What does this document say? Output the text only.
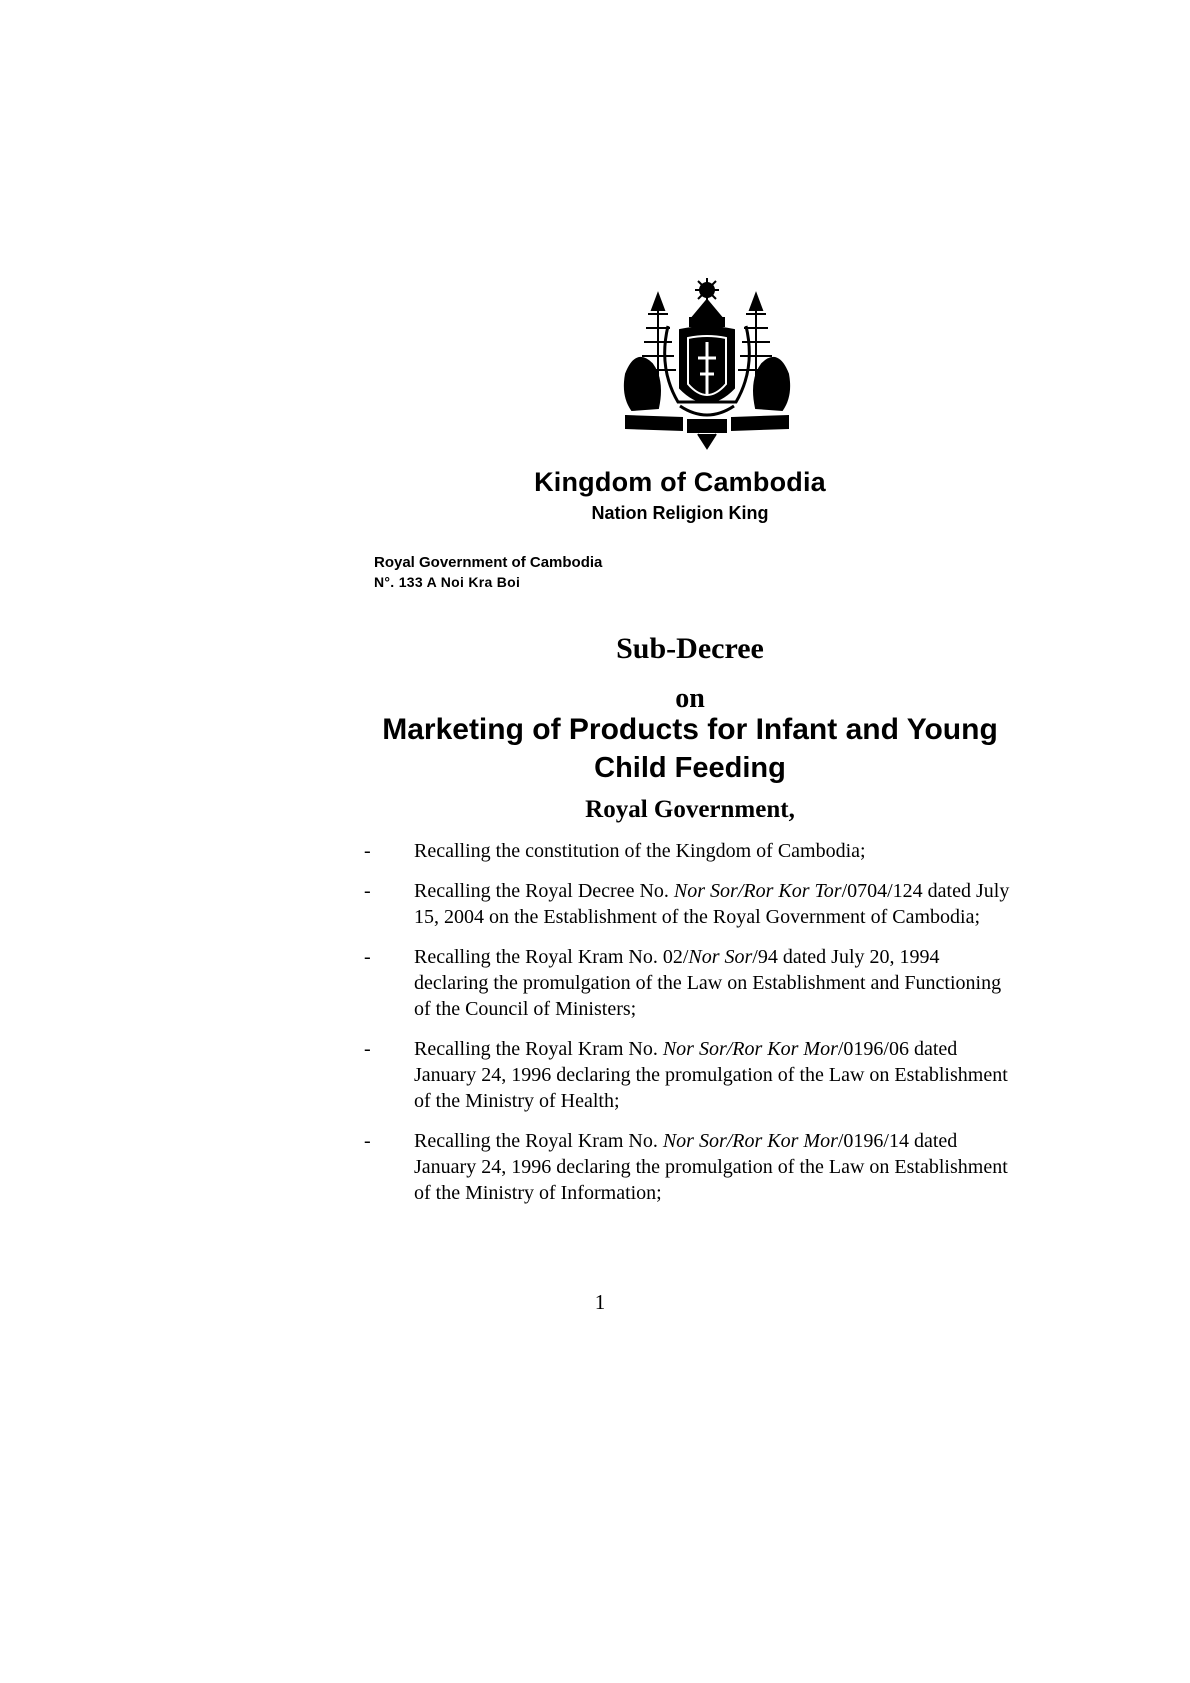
Kingdom of Cambodia
Nation Religion King
Royal Government of Cambodia
N°. 133 A Noi Kra Boi
Sub-Decree
on
Marketing of Products for Infant and Young
Child Feeding
Royal Government,
- Recalling the constitution of the Kingdom of Cambodia;
- Recalling the Royal Decree No. Nor Sor/Ror Kor Tor/0704/124 dated July 15, 2004 on the Establishment of the Royal Government of Cambodia;
- Recalling the Royal Kram No. 02/Nor Sor/94 dated July 20, 1994 declaring the promulgation of the Law on Establishment and Functioning of the Council of Ministers;
- Recalling the Royal Kram No. Nor Sor/Ror Kor Mor/0196/06 dated January 24, 1996 declaring the promulgation of the Law on Establishment of the Ministry of Health;
- Recalling the Royal Kram No. Nor Sor/Ror Kor Mor/0196/14 dated January 24, 1996 declaring the promulgation of the Law on Establishment of the Ministry of Information;
1
